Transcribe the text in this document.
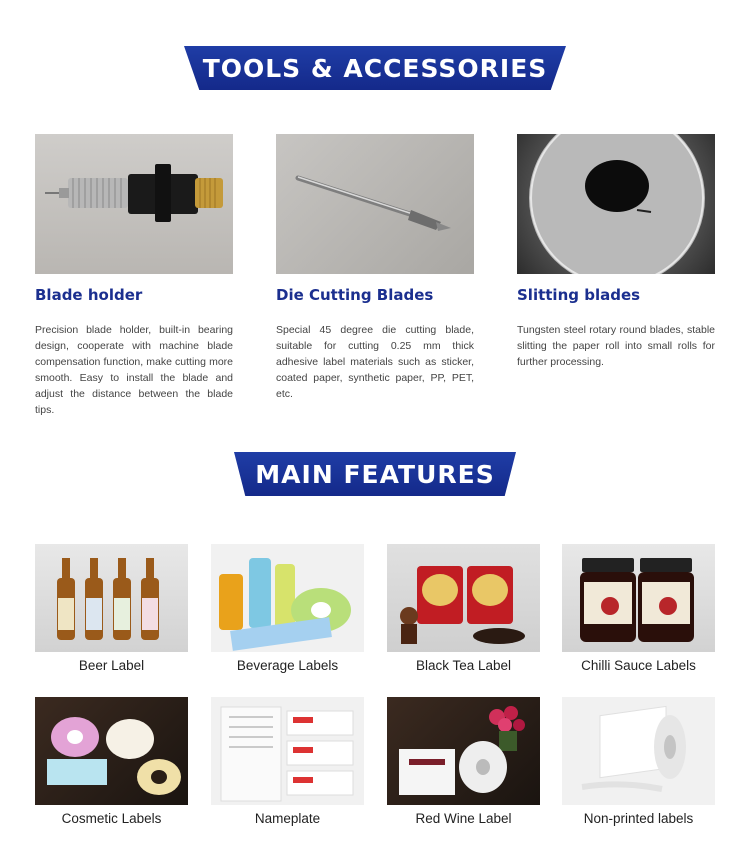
TOOLS & ACCESSORIES
Blade holder
Precision blade holder, built-in bearing design, cooperate with machine blade compensation function, make cutting more smooth. Easy to install the blade and adjust the distance between the blade tips.
Die Cutting Blades
Special 45 degree die cutting blade, suitable for cutting 0.25 mm thick adhesive label materials such as sticker, coated paper, synthetic paper, PP, PET, etc.
Slitting blades
Tungsten steel rotary round blades, stable slitting the paper roll into small rolls for further processing.
MAIN FEATURES
Beer Label	Beverage Labels	Black Tea Label	Chilli Sauce Labels
Cosmetic Labels	Nameplate	Red Wine Label	Non-printed labels
